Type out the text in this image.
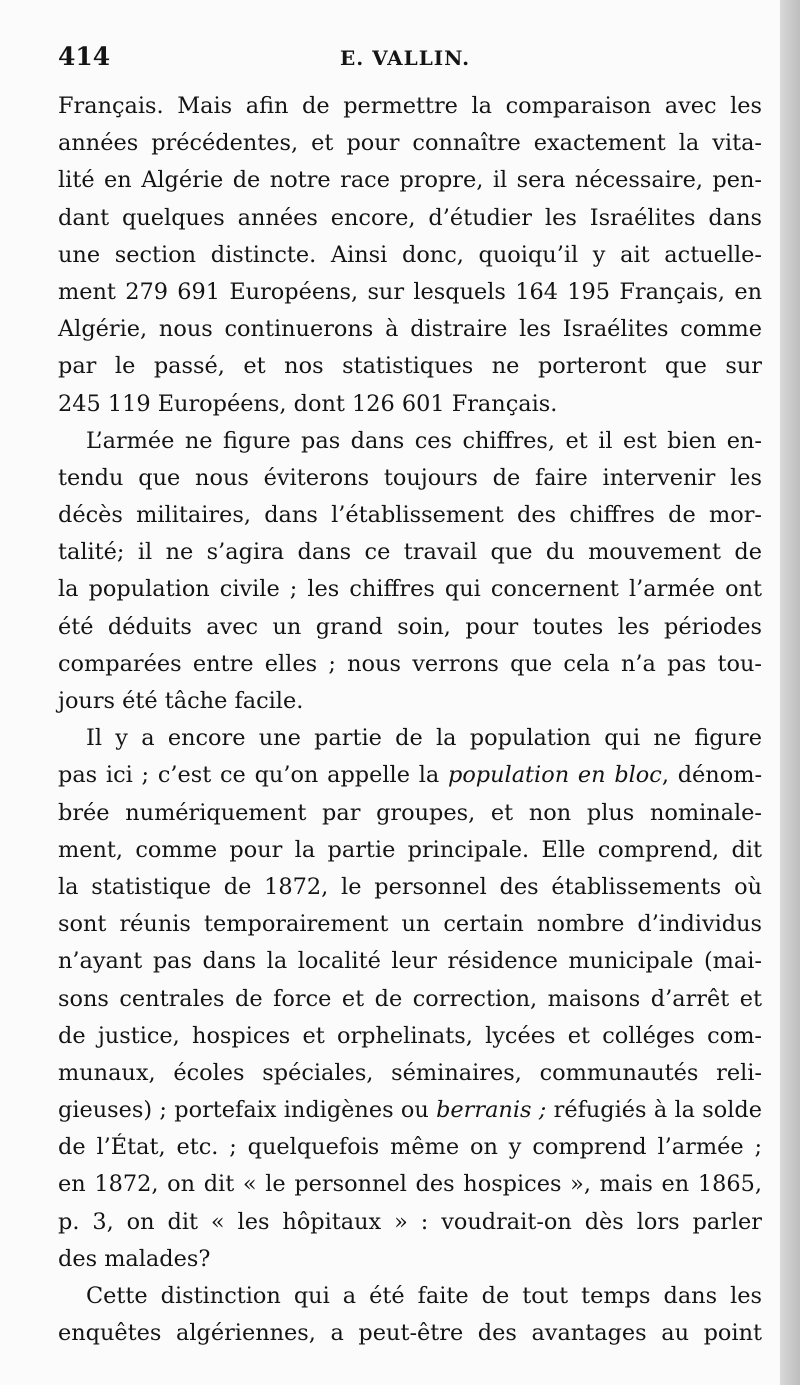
414	E. VALLIN.

Français. Mais afin de permettre la comparaison avec les
années précédentes, et pour connaître exactement la vita-
lité en Algérie de notre race propre, il sera nécessaire, pen-
dant quelques années encore, d’étudier les Israélites dans
une section distincte. Ainsi donc, quoiqu’il y ait actuelle-
ment 279 691 Européens, sur lesquels 164 195 Français, en
Algérie, nous continuerons à distraire les Israélites comme
par le passé, et nos statistiques ne porteront que sur
245 119 Européens, dont 126 601 Français.

L’armée ne figure pas dans ces chiffres, et il est bien en-
tendu que nous éviterons toujours de faire intervenir les
décès militaires, dans l’établissement des chiffres de mor-
talité; il ne s’agira dans ce travail que du mouvement de
la population civile ; les chiffres qui concernent l’armée ont
été déduits avec un grand soin, pour toutes les périodes
comparées entre elles ; nous verrons que cela n’a pas tou-
jours été tâche facile.

Il y a encore une partie de la population qui ne figure
pas ici ; c’est ce qu’on appelle la population en bloc, dénom-
brée numériquement par groupes, et non plus nominale-
ment, comme pour la partie principale. Elle comprend, dit
la statistique de 1872, le personnel des établissements où
sont réunis temporairement un certain nombre d’individus
n’ayant pas dans la localité leur résidence municipale (mai-
sons centrales de force et de correction, maisons d’arrêt et
de justice, hospices et orphelinats, lycées et colléges com-
munaux, écoles spéciales, séminaires, communautés reli-
gieuses) ; portefaix indigènes ou berranis ; réfugiés à la solde
de l’État, etc. ; quelquefois même on y comprend l’armée ;
en 1872, on dit « le personnel des hospices », mais en 1865,
p. 3, on dit « les hôpitaux » : voudrait-on dès lors parler
des malades?

Cette distinction qui a été faite de tout temps dans les
enquêtes algériennes, a peut-être des avantages au point
